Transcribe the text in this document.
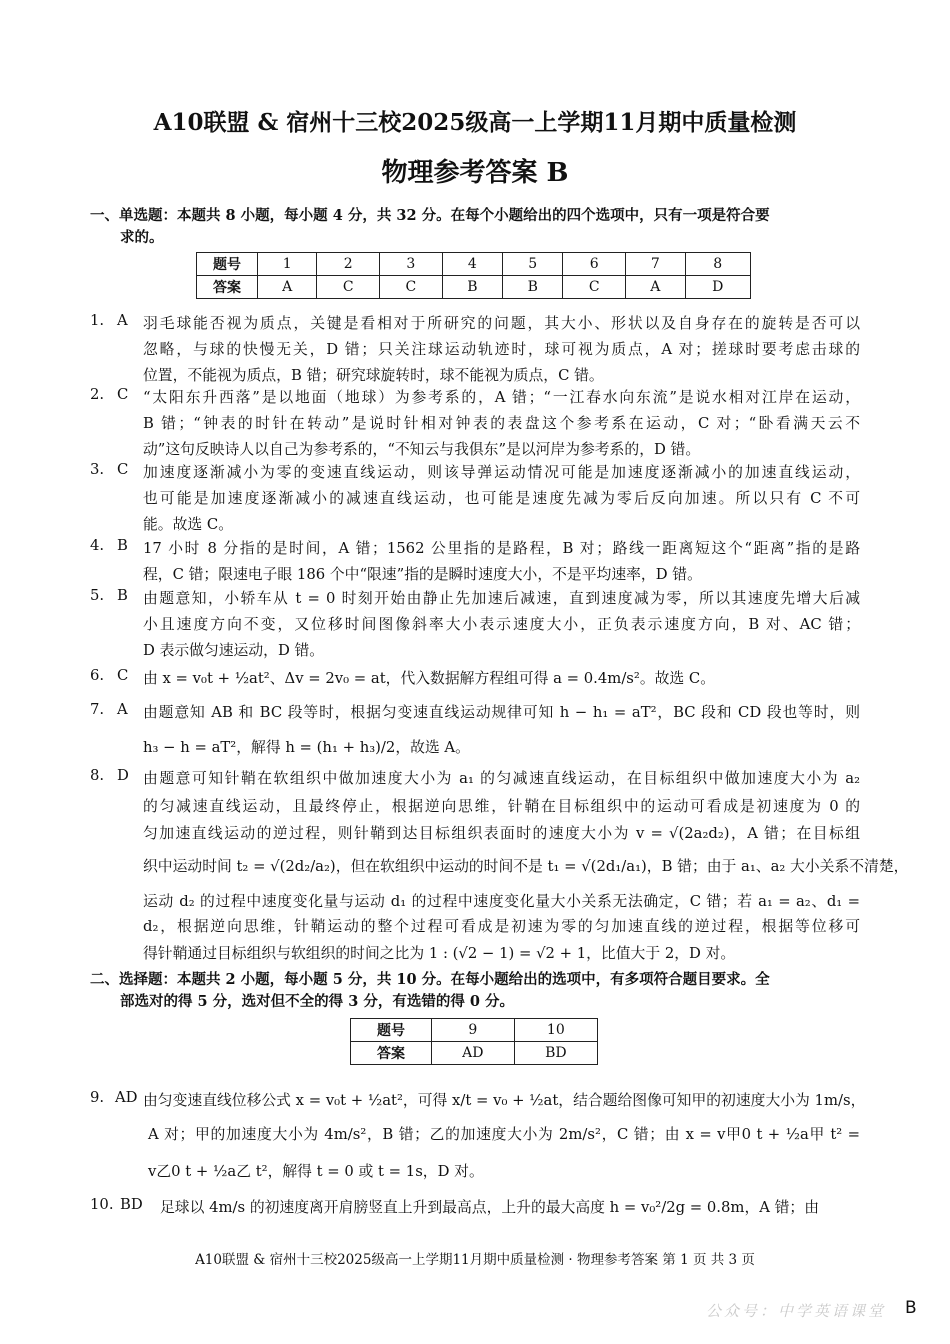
A10联盟 & 宿州十三校2025级高一上学期11月期中质量检测
物理参考答案 B
一、单选题：本题共 8 小题，每小题 4 分，共 32 分。在每个小题给出的四个选项中，只有一项是符合要
求的。
题号	1	2	3	4	5	6	7	8
答案	A	C	C	B	B	C	A	D
1. A 羽毛球能否视为质点，关键是看相对于所研究的问题，其大小、形状以及自身存在的旋转是否可以
忽略，与球的快慢无关，D 错；只关注球运动轨迹时，球可视为质点，A 对；搓球时要考虑击球的
位置，不能视为质点，B 错；研究球旋转时，球不能视为质点，C 错。
2. C “太阳东升西落”是以地面（地球）为参考系的，A 错；“一江春水向东流”是说水相对江岸在运动，
B 错；“钟表的时针在转动”是说时针相对钟表的表盘这个参考系在运动，C 对；“卧看满天云不
动”这句反映诗人以自己为参考系的，“不知云与我俱东”是以河岸为参考系的，D 错。
3. C 加速度逐渐减小为零的变速直线运动，则该导弹运动情况可能是加速度逐渐减小的加速直线运动，
也可能是加速度逐渐减小的减速直线运动，也可能是速度先减为零后反向加速。所以只有 C 不可
能。故选 C。
4. B 17 小时 8 分指的是时间，A 错；1562 公里指的是路程，B 对；路线一距离短这个“距离”指的是路
程，C 错；限速电子眼 186 个中“限速”指的是瞬时速度大小，不是平均速率，D 错。
5. B 由题意知，小轿车从 t = 0 时刻开始由静止先加速后减速，直到速度减为零，所以其速度先增大后减
小且速度方向不变，又位移时间图像斜率大小表示速度大小，正负表示速度方向，B 对、AC 错；
D 表示做匀速运动，D 错。
6. C 由 x = v₀t + ½at²、Δv = 2v₀ = at，代入数据解方程组可得 a = 0.4m/s²。故选 C。
7. A 由题意知 AB 和 BC 段等时，根据匀变速直线运动规律可知 h − h₁ = aT²，BC 段和 CD 段也等时，则
h₃ − h = aT²，解得 h = (h₁ + h₃)/2，故选 A。
8. D 由题意可知针鞘在软组织中做加速度大小为 a₁ 的匀减速直线运动，在目标组织中做加速度大小为 a₂
的匀减速直线运动，且最终停止，根据逆向思维，针鞘在目标组织中的运动可看成是初速度为 0 的
匀加速直线运动的逆过程，则针鞘到达目标组织表面时的速度大小为 v = √(2a₂d₂)，A 错；在目标组
织中运动时间 t₂ = √(2d₂/a₂)，但在软组织中运动的时间不是 t₁ = √(2d₁/a₁)，B 错；由于 a₁、a₂ 大小关系不清楚，
运动 d₂ 的过程中速度变化量与运动 d₁ 的过程中速度变化量大小关系无法确定，C 错；若 a₁ = a₂、d₁ =
d₂，根据逆向思维，针鞘运动的整个过程可看成是初速为零的匀加速直线的逆过程，根据等位移可
得针鞘通过目标组织与软组织的时间之比为 1 : (√2 − 1) = √2 + 1，比值大于 2，D 对。
9. AD 由匀变速直线位移公式 x = v₀t + ½at²，可得 x/t = v₀ + ½at，结合题给图像可知甲的初速度大小为 1m/s，
A 对；甲的加速度大小为 4m/s²，B 错；乙的加速度大小为 2m/s²，C 错；由 x = v甲0 t + ½a甲 t² =
v乙0 t + ½a乙 t²，解得 t = 0 或 t = 1s，D 对。
10. BD 足球以 4m/s 的初速度离开肩膀竖直上升到最高点，上升的最大高度 h = v₀²/2g = 0.8m，A 错；由
二、选择题：本题共 2 小题，每小题 5 分，共 10 分。在每小题给出的选项中，有多项符合题目要求。全
部选对的得 5 分，选对但不全的得 3 分，有选错的得 0 分。
题号	9	10
答案	AD	BD
A10联盟 & 宿州十三校2025级高一上学期11月期中质量检测 · 物理参考答案 第 1 页 共 3 页
公众号：中学英语课堂 B
